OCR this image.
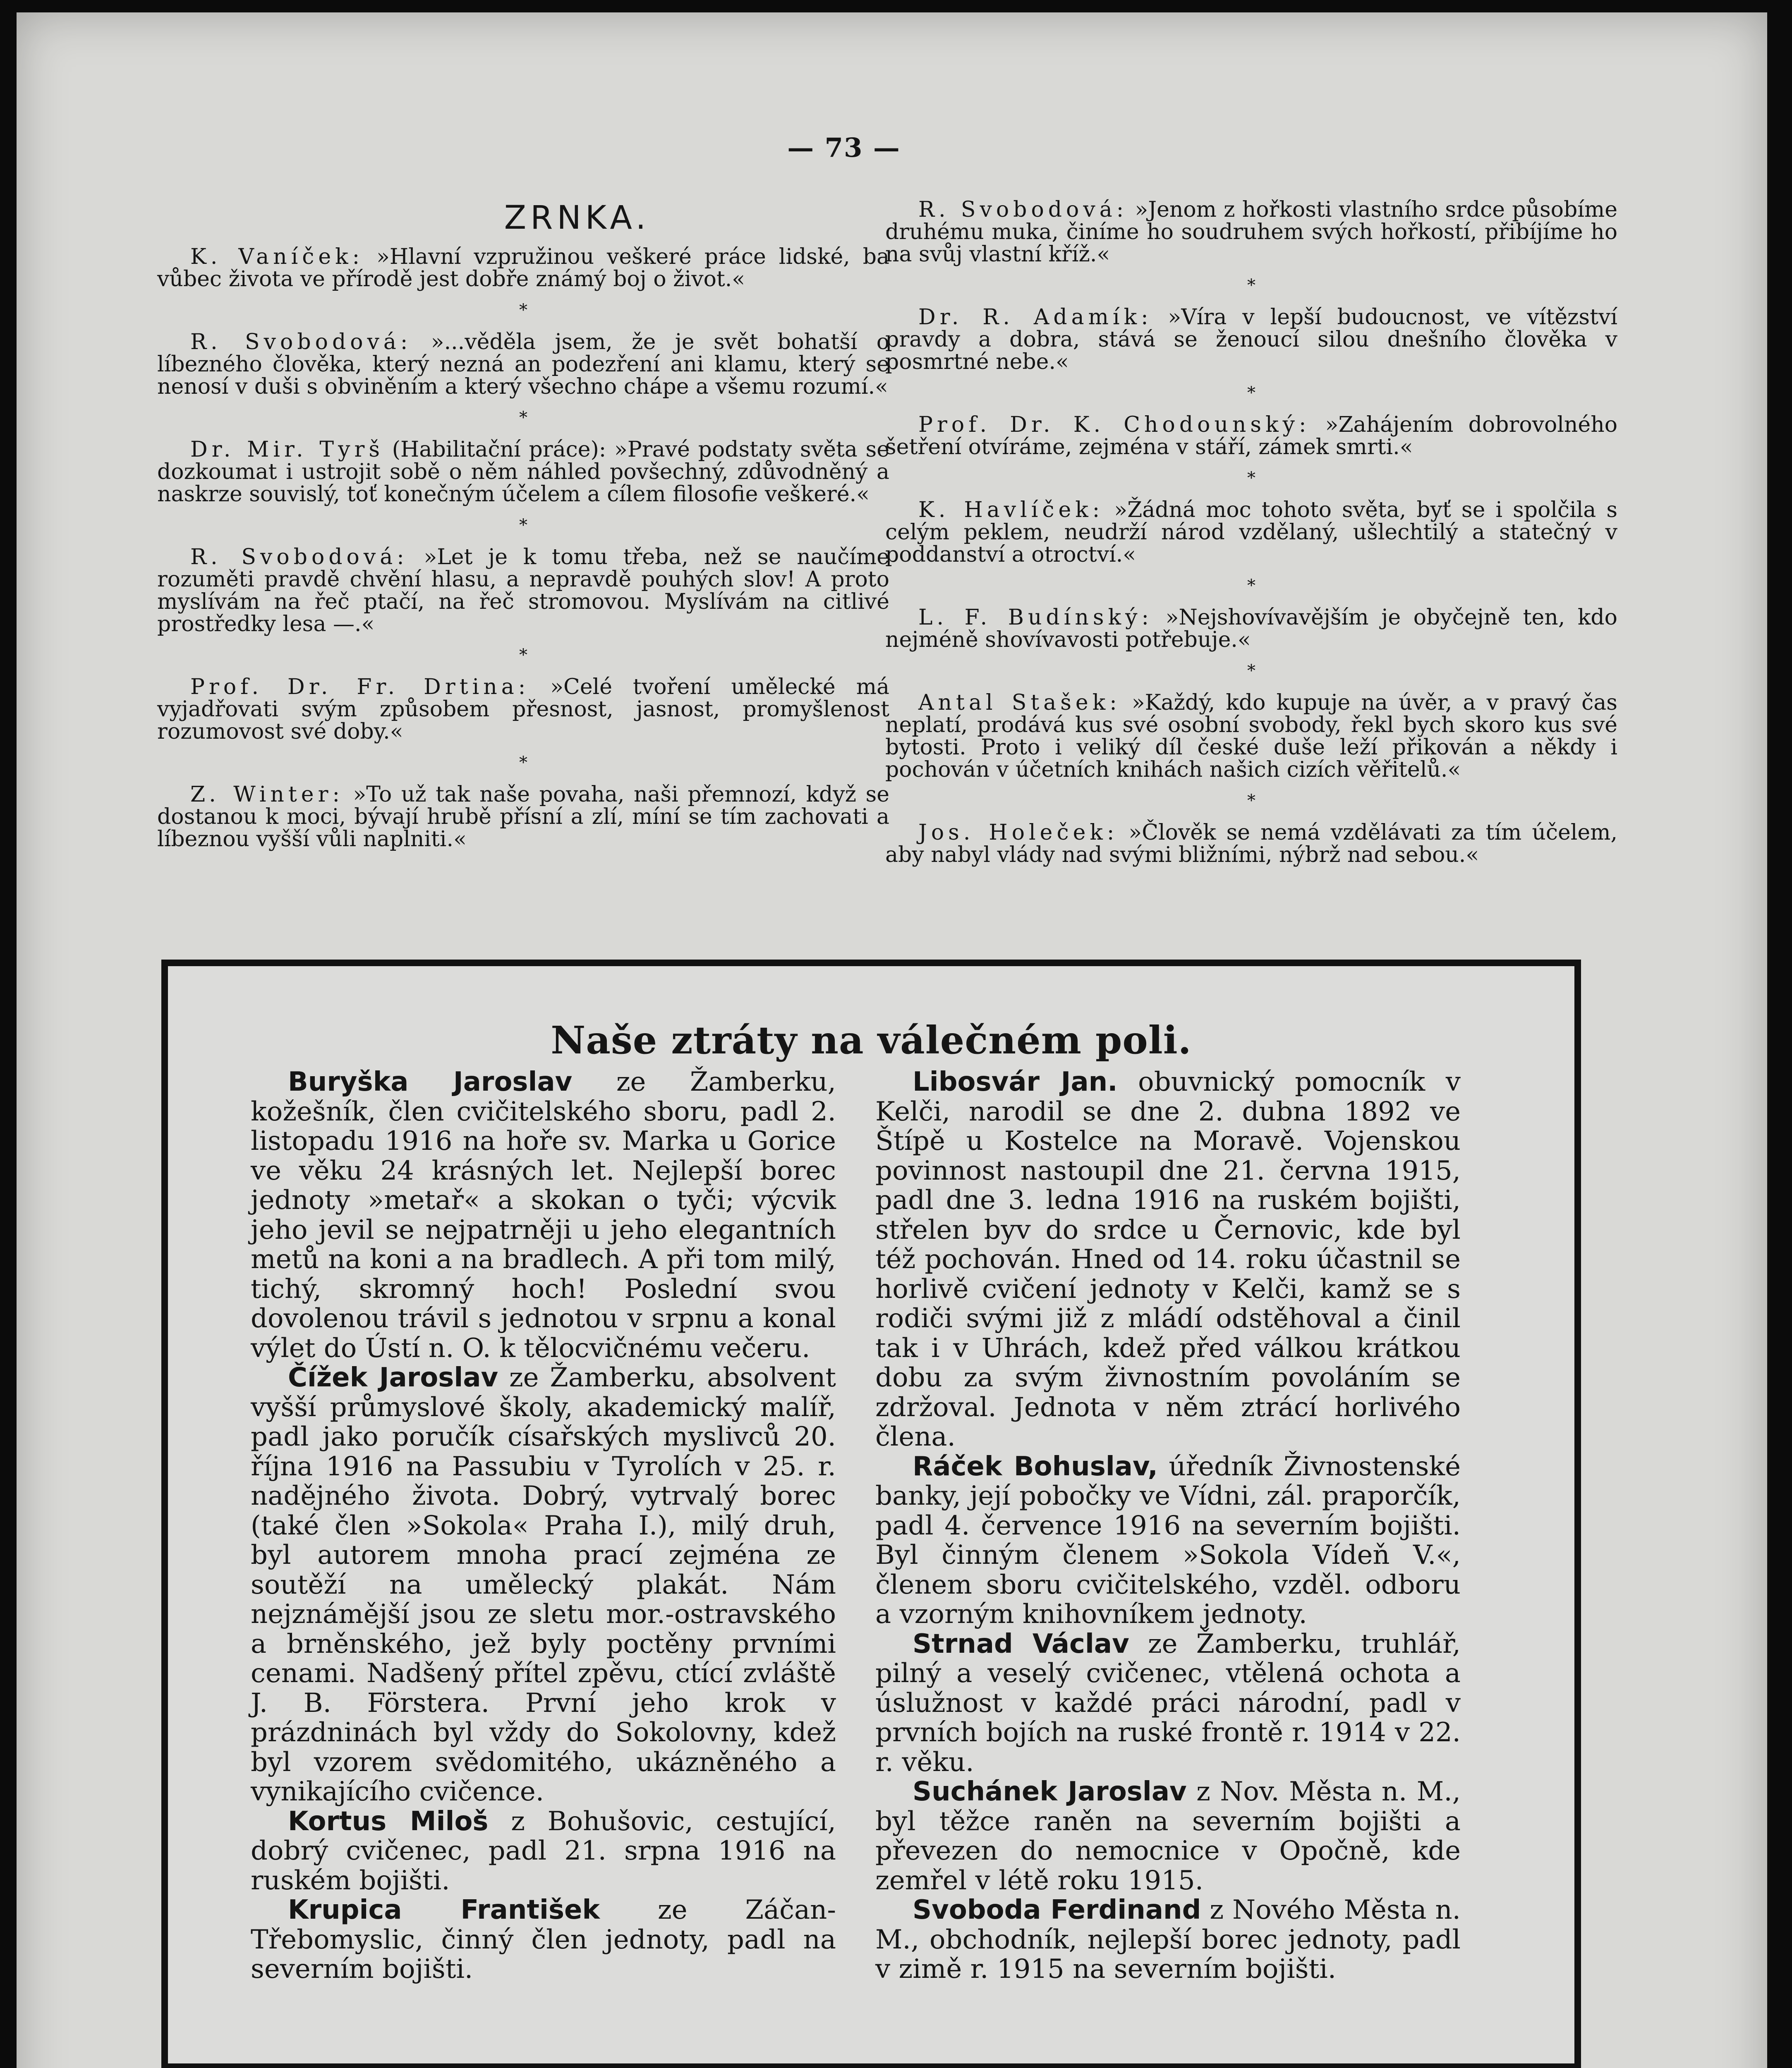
— 73 —
ZRNKA.

K. Vaníček: »Hlavní vzpružinou veškeré práce lidské, ba vůbec života ve přírodě jest dobře známý boj o život.«

*

R. Svobodová: »...věděla jsem, že je svět bohatší o líbezného člověka, který nezná an podezření ani klamu, který se nenosí v duši s obviněním a který všechno chápe a všemu rozumí.«

*

Dr. Mir. Tyrš (Habilitační práce): »Pravé podstaty světa se dozkoumat i ustrojit sobě o něm náhled povšechný, zdůvodněný a naskrze souvislý, toť konečným účelem a cílem filosofie veškeré.«

*

R. Svobodová: »Let je k tomu třeba, než se naučíme rozuměti pravdě chvění hlasu, a nepravdě pouhých slov! A proto myslívám na řeč ptačí, na řeč stromovou. Myslívám na citlivé prostředky lesa —.«

*

Prof. Dr. Fr. Drtina: »Celé tvoření umělecké má vyjadřovati svým způsobem přesnost, jasnost, promyšlenost rozumovost své doby.«

*

Z. Winter: »To už tak naše povaha, naši přemnozí, když se dostanou k moci, bývají hrubě přísní a zlí, míní se tím zachovati a líbeznou vyšší vůli naplniti.«

R. Svobodová: »Jenom z hořkosti vlastního srdce působíme druhému muka, činíme ho soudruhem svých hořkostí, přibíjíme ho na svůj vlastní kříž.«

*

Dr. R. Adamík: »Víra v lepší budoucnost, ve vítězství pravdy a dobra, stává se ženoucí silou dnešního člověka v posmrtné nebe.«

*

Prof. Dr. K. Chodounský: »Zahájením dobrovolného šetření otvíráme, zejména v stáří, zámek smrti.«

*

K. Havlíček: »Žádná moc tohoto světa, byť se i spolčila s celým peklem, neudrží národ vzdělaný, ušlechtilý a statečný v poddanství a otroctví.«

*

L. F. Budínský: »Nejshovívavějším je obyčejně ten, kdo nejméně shovívavosti potřebuje.«

*

Antal Stašek: »Každý, kdo kupuje na úvěr, a v pravý čas neplatí, prodává kus své osobní svobody, řekl bych skoro kus své bytosti. Proto i veliký díl české duše leží přikován a někdy i pochován v účetních knihách našich cizích věřitelů.«

*

Jos. Holeček: »Člověk se nemá vzdělávati za tím účelem, aby nabyl vlády nad svými bližními, nýbrž nad sebou.«

Naše ztráty na válečném poli.

Buryška Jaroslav ze Žamberku, kožešník, člen cvičitelského sboru, padl 2. listopadu 1916 na hoře sv. Marka u Gorice ve věku 24 krásných let. Nejlepší borec jednoty »metař« a skokan o tyči; výcvik jeho jevil se nejpatrněji u jeho elegantních metů na koni a na bradlech. A při tom milý, tichý, skromný hoch! Poslední svou dovolenou trávil s jednotou v srpnu a konal výlet do Ústí n. O. k tělocvičnému večeru.

Čížek Jaroslav ze Žamberku, absolvent vyšší průmyslové školy, akademický malíř, padl jako poručík císařských myslivců 20. října 1916 na Passubiu v Tyrolích v 25. r. nadějného života. Dobrý, vytrvalý borec (také člen »Sokola« Praha I.), milý druh, byl autorem mnoha prací zejména ze soutěží na umělecký plakát. Nám nejznámější jsou ze sletu mor.-ostravského a brněnského, jež byly poctěny prvními cenami. Nadšený přítel zpěvu, ctící zvláště J. B. Förstera. První jeho krok v prázdninách byl vždy do Sokolovny, kdež byl vzorem svědomitého, ukázněného a vynikajícího cvičence.

Kortus Miloš z Bohušovic, cestující, dobrý cvičenec, padl 21. srpna 1916 na ruském bojišti.

Krupica František ze Záčan-Třebomyslic, činný člen jednoty, padl na severním bojišti.

Libosvár Jan. obuvnický pomocník v Kelči, narodil se dne 2. dubna 1892 ve Štípě u Kostelce na Moravě. Vojenskou povinnost nastoupil dne 21. června 1915, padl dne 3. ledna 1916 na ruském bojišti, střelen byv do srdce u Černovic, kde byl též pochován. Hned od 14. roku účastnil se horlivě cvičení jednoty v Kelči, kamž se s rodiči svými již z mládí odstěhoval a činil tak i v Uhrách, kdež před válkou krátkou dobu za svým živnostním povoláním se zdržoval. Jednota v něm ztrácí horlivého člena.

Ráček Bohuslav, úředník Živnostenské banky, její pobočky ve Vídni, zál. praporčík, padl 4. července 1916 na severním bojišti. Byl činným členem »Sokola Vídeň V.«, členem sboru cvičitelského, vzděl. odboru a vzorným knihovníkem jednoty.

Strnad Václav ze Žamberku, truhlář, pilný a veselý cvičenec, vtělená ochota a úslužnost v každé práci národní, padl v prvních bojích na ruské frontě r. 1914 v 22. r. věku.

Suchánek Jaroslav z Nov. Města n. M., byl těžce raněn na severním bojišti a převezen do nemocnice v Opočně, kde zemřel v létě roku 1915.

Svoboda Ferdinand z Nového Města n. M., obchodník, nejlepší borec jednoty, padl v zimě r. 1915 na severním bojišti.
